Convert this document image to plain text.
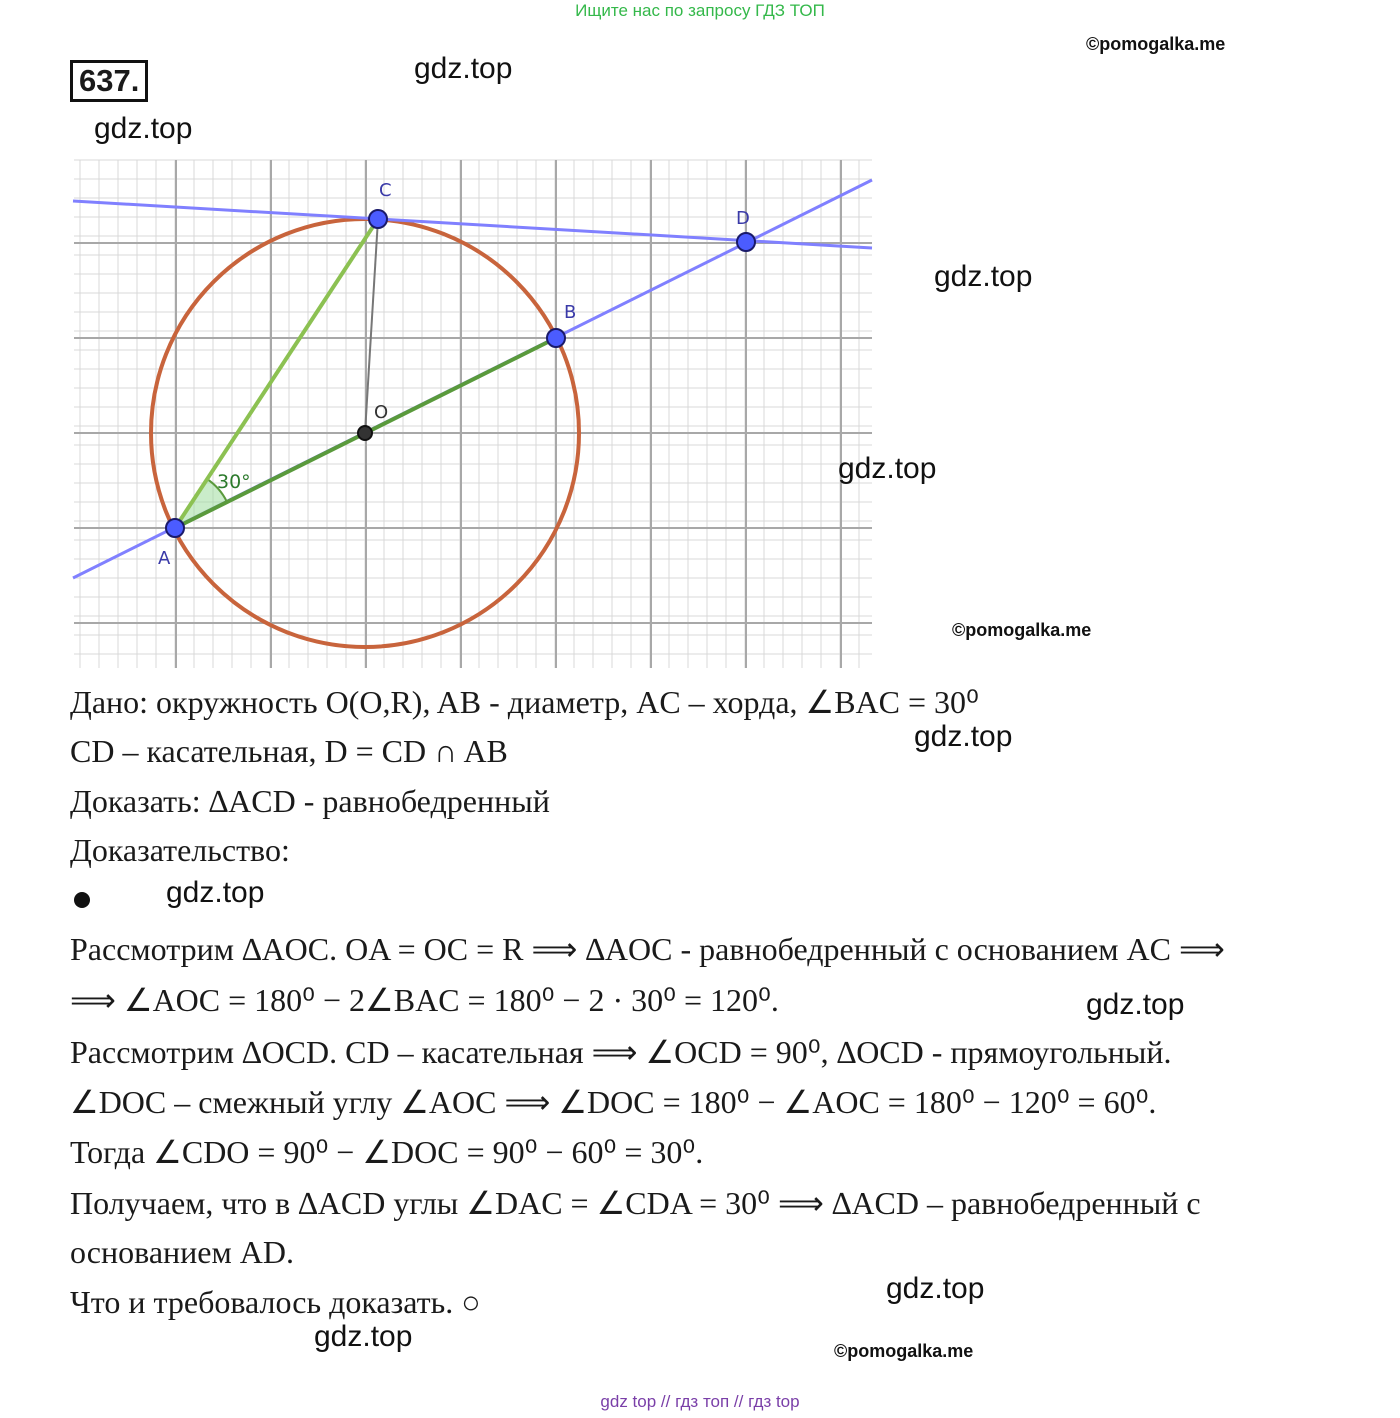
Ищите нас по запросу ГДЗ ТОП
637.	gdz.top
gdz.top
©pomogalka.me
A
B
C
D
O
30°
gdz.top
gdz.top
©pomogalka.me
Дано: окружность O(O,R), AB - диаметр, AC – хорда, ∠BAC = 30⁰
CD – касательная, D = CD ∩ AB	gdz.top
Доказать: ∆ACD - равнобедренный
Доказательство:
gdz.top
Рассмотрим ∆AOC. OA = OC = R ⟹ ∆AOC - равнобедренный с основанием AC ⟹
⟹ ∠AOC = 180⁰ − 2∠BAC = 180⁰ − 2 · 30⁰ = 120⁰.	gdz.top
Рассмотрим ∆OCD. CD – касательная ⟹ ∠OCD = 90⁰, ∆OCD - прямоугольный.
∠DOC – смежный углу ∠AOC ⟹ ∠DOC = 180⁰ − ∠AOC = 180⁰ − 120⁰ = 60⁰.
Тогда ∠CDO = 90⁰ − ∠DOC = 90⁰ − 60⁰ = 30⁰.
Получаем, что в ∆ACD углы ∠DAC = ∠CDA = 30⁰ ⟹ ∆ACD – равнобедренный с
основанием AD.
Что и требовалось доказать. ○	gdz.top
gdz.top	©pomogalka.me
gdz top // гдз топ // гдз top
